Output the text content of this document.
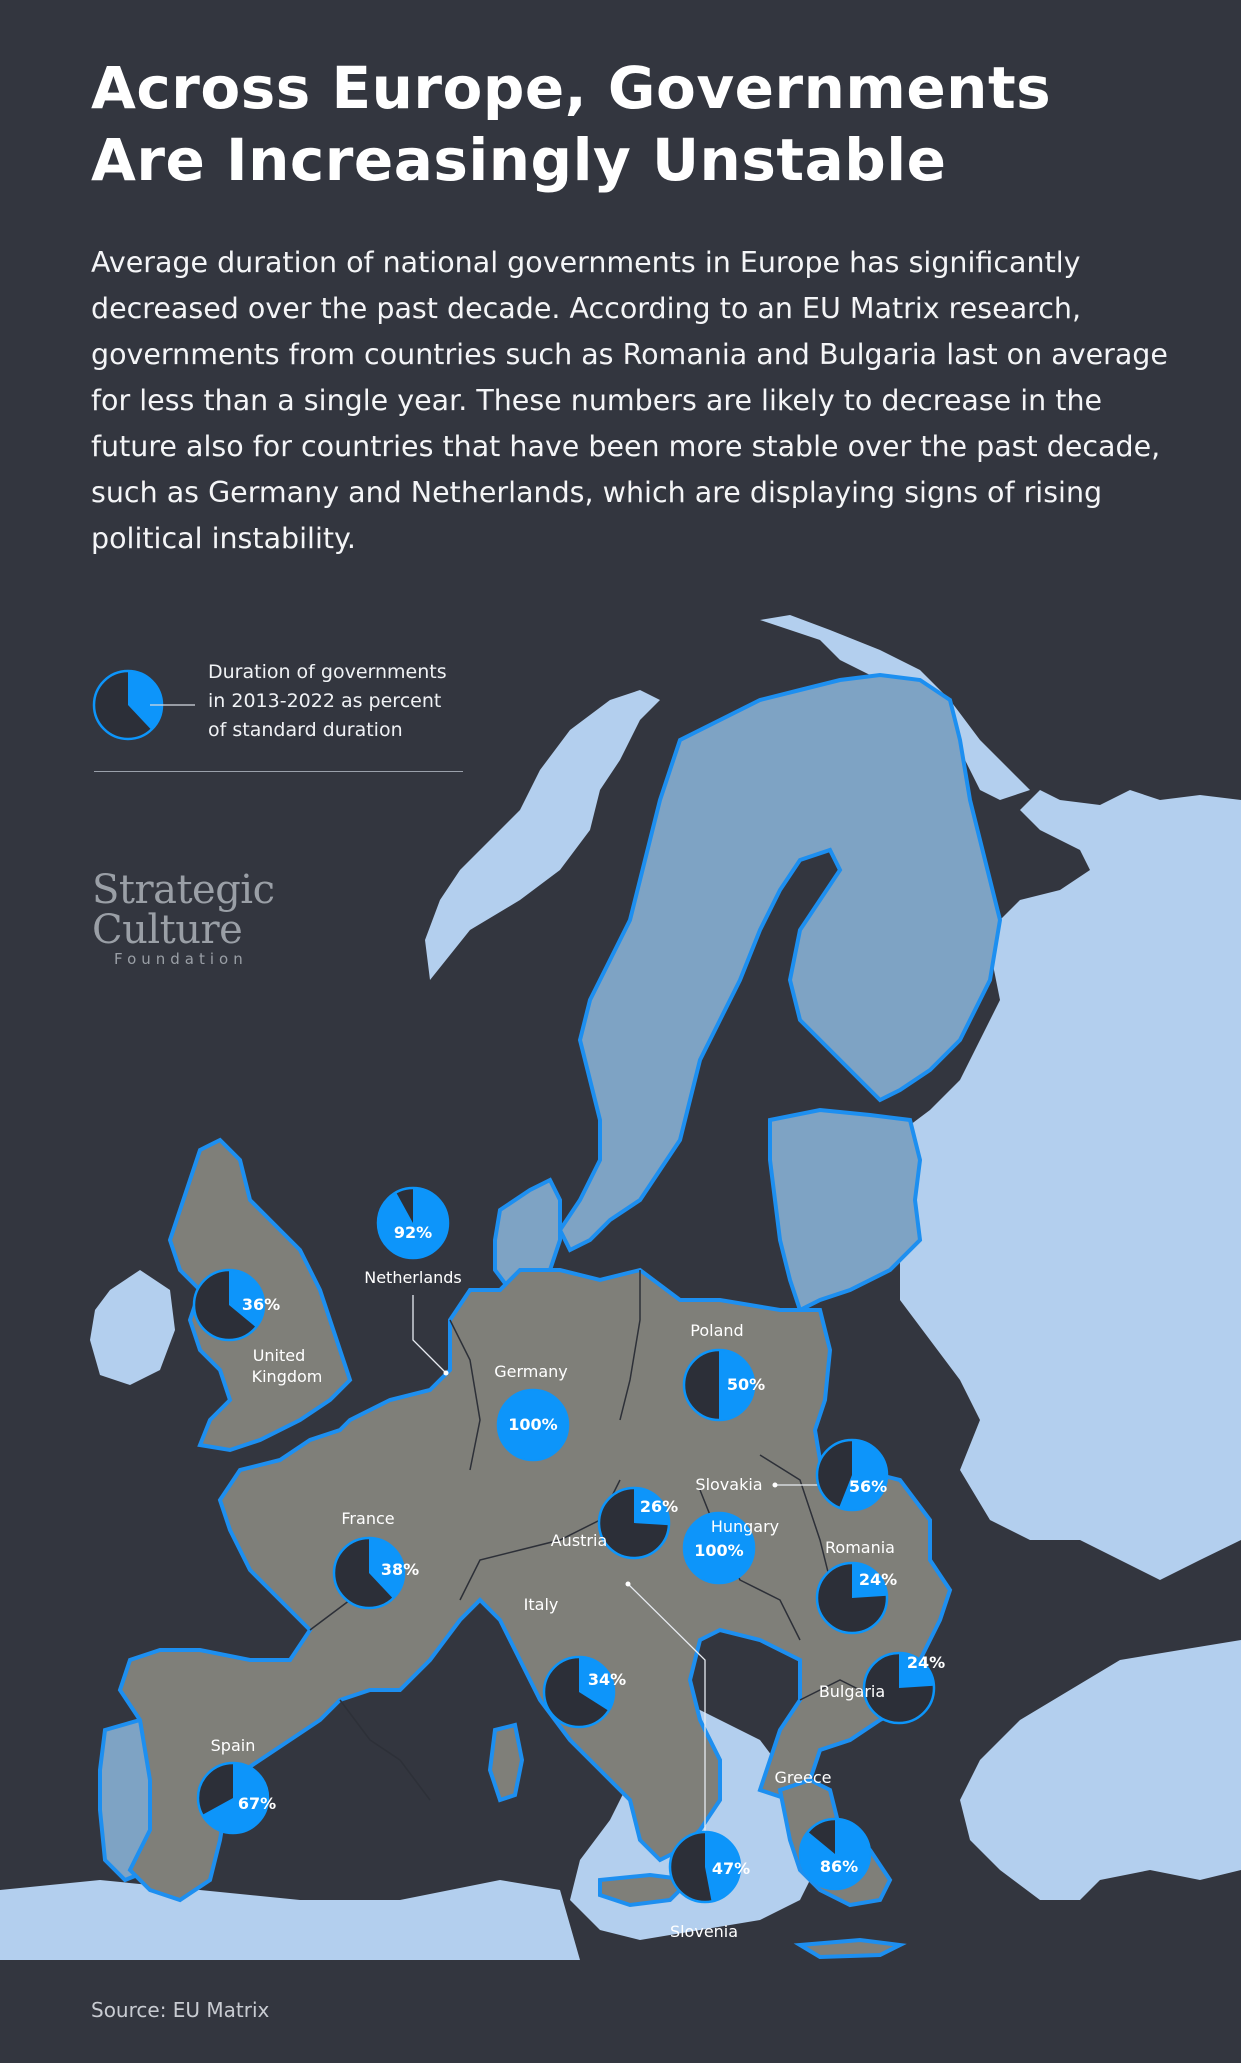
Across Europe, Governments
Are Increasingly Unstable

Average duration of national governments in Europe has significantly decreased over the past decade. According to an EU Matrix research, governments from countries such as Romania and Bulgaria last on average for less than a single year. These numbers are likely to decrease in the future also for countries that have been more stable over the past decade, such as Germany and Netherlands, which are displaying signs of rising political instability.

92%
Netherlands
36%
United Kingdom
100%
Germany
50%
Poland
56%
Slovakia
38%
France
26%
Austria
100%
Hungary
24%
Romania
34%
Italy
24%
Bulgaria
67%
Spain
86%
Greece
47%
Slovenia
Duration of governments
in 2013-2022 as percent
of standard duration
Strategic
Culture
Foundation
Source: EU Matrix
